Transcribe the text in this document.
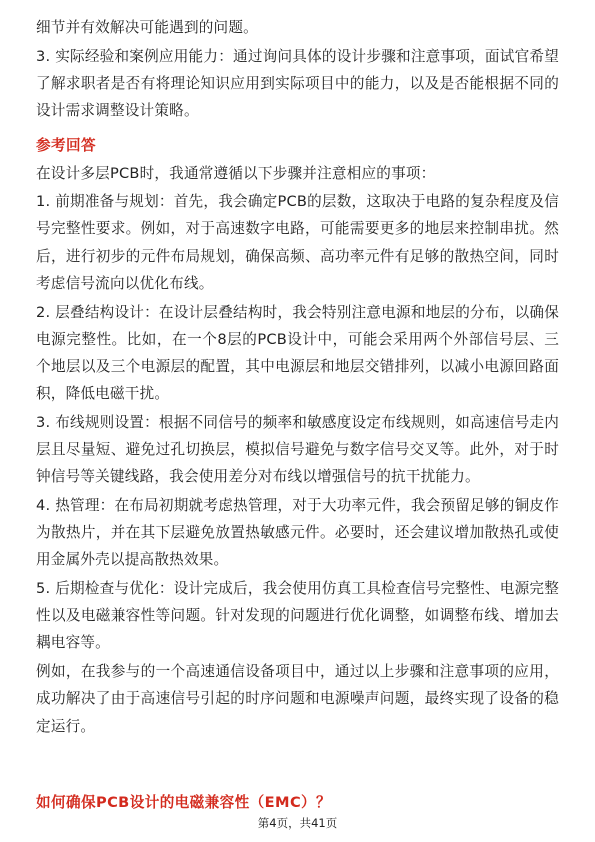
细节并有效解决可能遇到的问题。

3. 实际经验和案例应用能力：通过询问具体的设计步骤和注意事项，面试官希望了解求职者是否有将理论知识应用到实际项目中的能力，以及是否能根据不同的设计需求调整设计策略。

参考回答

在设计多层PCB时，我通常遵循以下步骤并注意相应的事项：

1. 前期准备与规划：首先，我会确定PCB的层数，这取决于电路的复杂程度及信号完整性要求。例如，对于高速数字电路，可能需要更多的地层来控制串扰。然后，进行初步的元件布局规划，确保高频、高功率元件有足够的散热空间，同时考虑信号流向以优化布线。

2. 层叠结构设计：在设计层叠结构时，我会特别注意电源和地层的分布，以确保电源完整性。比如，在一个8层的PCB设计中，可能会采用两个外部信号层、三个地层以及三个电源层的配置，其中电源层和地层交错排列，以减小电源回路面积，降低电磁干扰。

3. 布线规则设置：根据不同信号的频率和敏感度设定布线规则，如高速信号走内层且尽量短、避免过孔切换层，模拟信号避免与数字信号交叉等。此外，对于时钟信号等关键线路，我会使用差分对布线以增强信号的抗干扰能力。

4. 热管理：在布局初期就考虑热管理，对于大功率元件，我会预留足够的铜皮作为散热片，并在其下层避免放置热敏感元件。必要时，还会建议增加散热孔或使用金属外壳以提高散热效果。

5. 后期检查与优化：设计完成后，我会使用仿真工具检查信号完整性、电源完整性以及电磁兼容性等问题。针对发现的问题进行优化调整，如调整布线、增加去耦电容等。

例如，在我参与的一个高速通信设备项目中，通过以上步骤和注意事项的应用，成功解决了由于高速信号引起的时序问题和电源噪声问题，最终实现了设备的稳定运行。

如何确保PCB设计的电磁兼容性（EMC）？
第4页，共41页
